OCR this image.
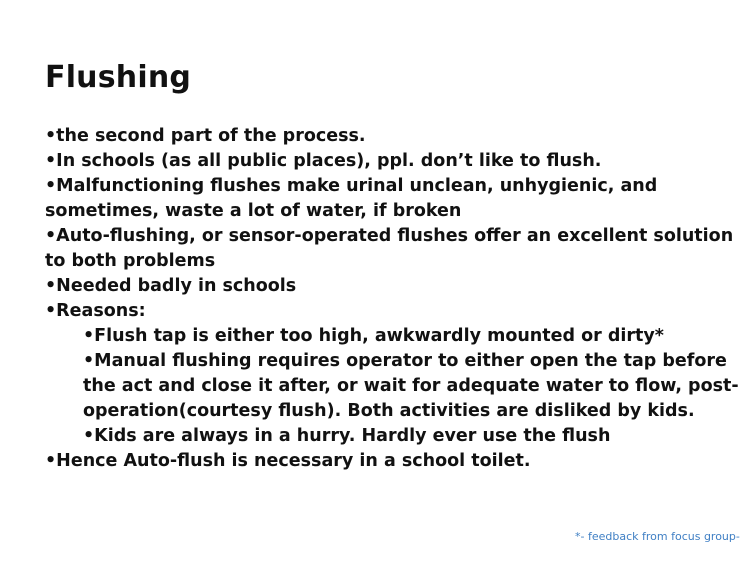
Flushing

•the second part of the process.

•In schools (as all public places), ppl. don’t like to flush.

•Malfunctioning flushes make urinal unclean, unhygienic, and sometimes, waste a lot of water, if broken

•Auto-flushing, or sensor-operated flushes offer an excellent solution to both problems

•Needed badly in schools

•Reasons:

•Flush tap is either too high, awkwardly mounted or dirty*

•Manual flushing requires operator to either open the tap before the act and close it after, or wait for adequate water to flow, post-operation(courtesy flush). Both activities are disliked by kids.

•Kids are always in a hurry. Hardly ever use the flush

•Hence Auto-flush is necessary in a school toilet.

*- feedback from focus group-
